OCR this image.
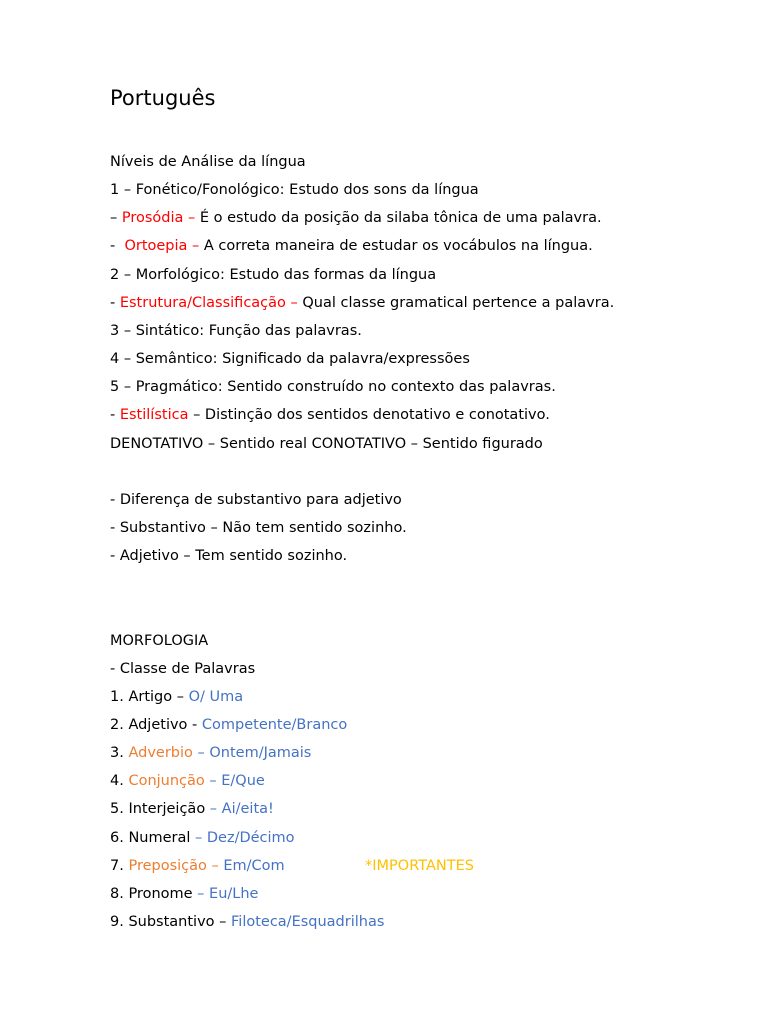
Português
Níveis de Análise da língua
1 – Fonético/Fonológico: Estudo dos sons da língua
– Prosódia – É o estudo da posição da silaba tônica de uma palavra.
-  Ortoepia – A correta maneira de estudar os vocábulos na língua.
2 – Morfológico: Estudo das formas da língua
- Estrutura/Classificação – Qual classe gramatical pertence a palavra.
3 – Sintático: Função das palavras.
4 – Semântico: Significado da palavra/expressões
5 – Pragmático: Sentido construído no contexto das palavras.
- Estilística – Distinção dos sentidos denotativo e conotativo.
DENOTATIVO – Sentido real CONOTATIVO – Sentido figurado
- Diferença de substantivo para adjetivo
- Substantivo – Não tem sentido sozinho.
- Adjetivo – Tem sentido sozinho.
MORFOLOGIA
- Classe de Palavras
1. Artigo – O/ Uma
2. Adjetivo - Competente/Branco
3. Adverbio – Ontem/Jamais
4. Conjunção – E/Que
5. Interjeição – Ai/eita!
6. Numeral – Dez/Décimo
7. Preposição – Em/Com	*IMPORTANTES
8. Pronome – Eu/Lhe
9. Substantivo – Filoteca/Esquadrilhas
